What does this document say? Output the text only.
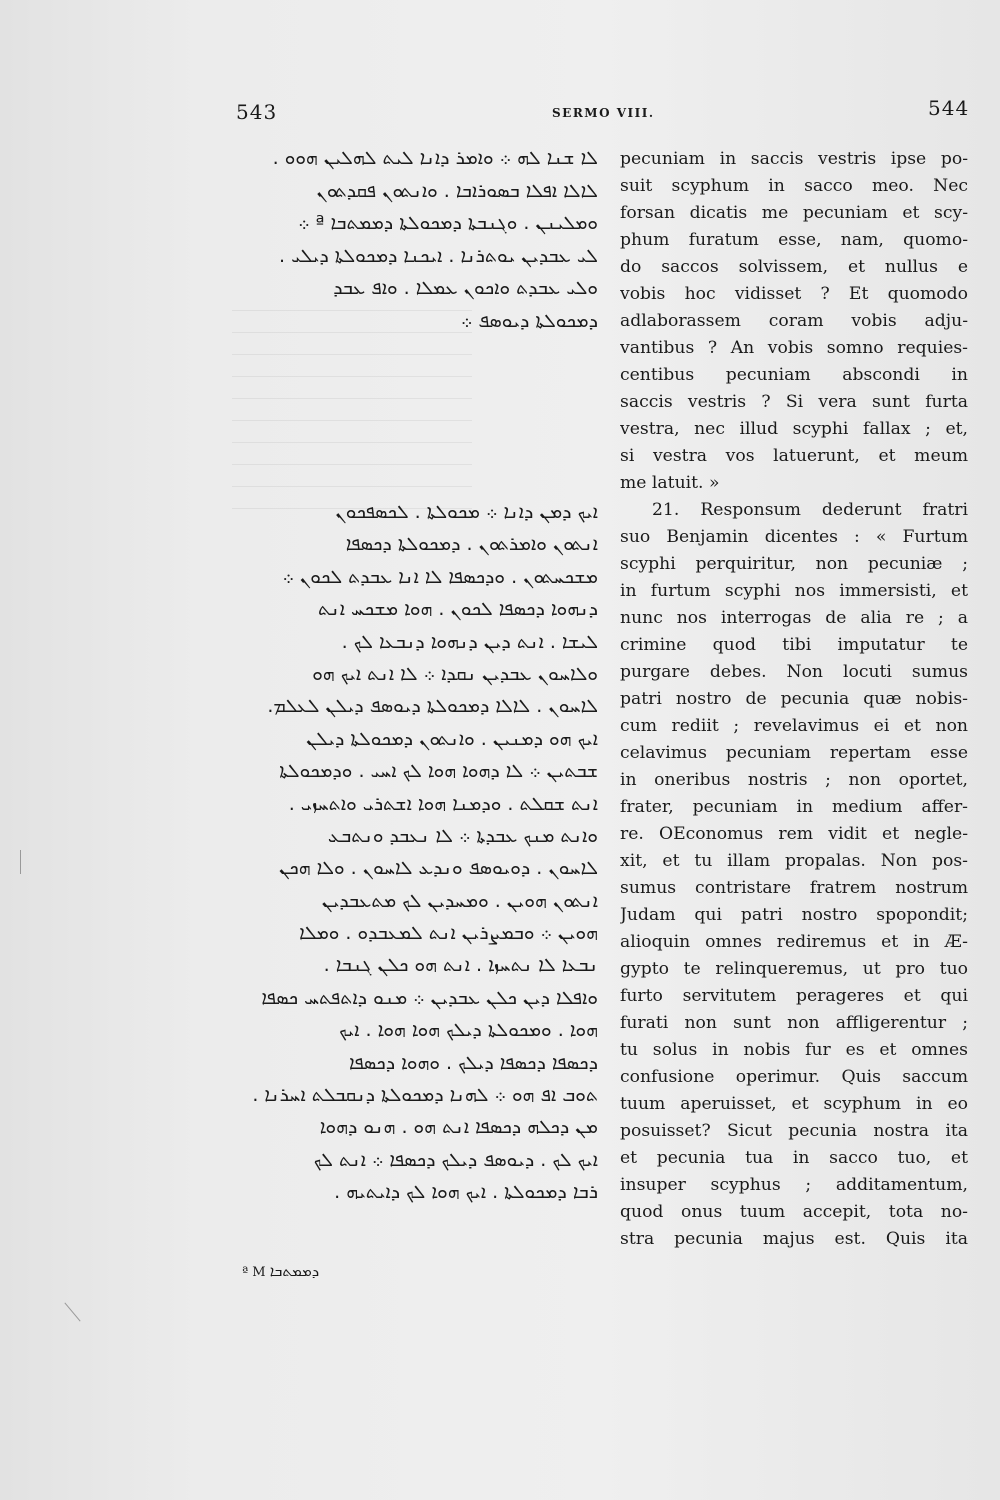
543	SERMO VIII.	544
ܠܐ ܫܢܐ ܠܗ ܀ ܘܐܡܪ ܕܐܢܐ ܠܝܬ ܠܗܠܝܢ ܗܘܘ .
ܠܐܠܐ ܐܦܠܐ ܒܣܘܪܐܒܐ . ܘܐܢܬܘܢ ܦܩܕܬܘܢ
ܘܡܠܝܢܢ . ܘܓܢܒܬܐ ܕܡܟܘܠܬܐ ܕܡܡܬܒܐ ª ܀
ܠܝ ܥܒܕܝܢ ܝܘܬܪܢܐ . ܐܝܟܢܐ ܕܡܟܘܠܬܐ ܕܝܠܝ .
ܘܠܝ ܥܒܕܬ ܘܐܟܘܢ ܥܡܠܐ . ܘܐܦ ܥܒܕ
ܕܡܟܘܠܬܐ ܕܝܘܣܦ ܀
ܐܝܟ ܕܡܢ ܕܐܢܐ ܀ ܡܟܘܠܬܐ . ܠܟܣܦܟܘܢ
ܐܢܬܘܢ ܘܐܡܪܬܘܢ . ܕܡܟܘܠܬܐ ܕܟܣܦܐ
ܡܫܟܚܬܘܢ . ܘܕܟܣܦܐ ܠܐ ܐܢܐ ܥܒܕܬ ܠܟܘܢ ܀
ܕܢܗܘܐ ܕܟܣܦܐ ܠܟܘܢ . ܗܘܐ ܡܫܟܚ ܐܢܬ
ܠܝܫܐ . ܐܢܬ ܕܝܢ ܕܢܗܘܐ ܕܢܒܥܐ ܠܟ .
ܘܠܐܚܘܢ ܥܒܕܝܢ ܢܩܕܐ ܀ ܠܐ ܐܢܬ ܐܝܟ ܗܘ
ܠܐܚܘܢ . ܠܐܠܐ ܕܡܟܘܠܬܐ ܕܝܘܣܦ ܕܝܠܢ ܠܥܠܡ.
ܐܝܟ ܗܘ ܕܡܢܝܢ . ܘܐܢܬܘܢ ܕܡܟܘܠܬܐ ܕܝܠܢ
ܫܒܬܝܢ ܀ ܠܐ ܕܗܘܐ ܗܘܐ ܠܟ ܐܚܝ . ܘܕܡܟܘܠܬܐ
ܐܢܬ ܫܩܠܬ . ܘܕܡܢܐ ܗܘܐ ܐܫܬܪܝ ܘܐܬܚܙܝ .
ܘܐܢܬ ܡܢܟ ܥܒܕܬܐ ܀ ܠܐ ܢܥܒܕ ܘܢܬܒܥ
ܠܐܚܘܢ . ܕܘܝܘܣܦ ܘܢܕܥ ܠܐܚܘܢ . ܘܠܐ ܗܟܢ
ܐܢܬܘܢ ܗܘܝܢ . ܘܡܚܕܝܢ ܠܟ ܡܬܥܒܕܝܢ
ܗܘܝܢ ܀ ܘܒܡܨܪܝܢ ܐܢܬ ܠܡܥܒܕܘ . ܘܡܠܐ
ܢܒܥܐ ܠܐ ܢܬܚܙܐ . ܐܢܬ ܗܘ ܟܠܢ ܓܢܒܐ .
ܘܐܦܠܐ ܕܝܢ ܟܠܢ ܥܒܕܝܢ ܀ ܡܢܘ ܕܐܬܦܬܚ ܟܣܦܐ
ܗܘܐ . ܘܡܟܘܠܬܐ ܕܝܠܟ ܗܘܐ ܗܘܐ . ܐܝܟ
ܕܟܣܦܐ ܕܟܣܦܐ ܕܝܠܟ . ܘܗܘܐ ܕܟܣܦܐ
ܬܘܒ ܐܦ ܗܘ ܀ ܠܗܢܐ ܕܡܟܘܠܬܐ ܕܢܩܒܠܬ ܐܚܪܢܐ .
ܡܢ ܕܟܠܗ ܕܟܣܦܐ ܐܢܬ ܗܘ . ܗܢܘ ܕܗܘܐ
ܐܝܟ ܠܟ . ܕܝܘܣܦ ܕܝܠܟ ܕܟܣܦܐ ܀ ܐܢܬ ܠܟ
ܪܒܐ ܕܡܟܘܠܬܐ . ܐܝܟ ܗܘܐ ܠܟ ܕܐܝܬܝܗ .
ª M ܕܡܡܬܒܐ
pecuniam in saccis vestris ipse po-
suit scyphum in sacco meo. Nec
forsan dicatis me pecuniam et scy-
phum furatum esse, nam, quomo-
do saccos solvissem, et nullus e
vobis hoc vidisset ? Et quomodo
adlaborassem coram vobis adju-
vantibus ? An vobis somno requies-
centibus pecuniam abscondi in
saccis vestris ? Si vera sunt furta
vestra, nec illud scyphi fallax ; et,
si vestra vos latuerunt, et meum
me latuit. »
21. Responsum dederunt fratri
suo Benjamin dicentes : « Furtum
scyphi perquiritur, non pecuniæ ;
in furtum scyphi nos immersisti, et
nunc nos interrogas de alia re ; a
crimine quod tibi imputatur te
purgare debes. Non locuti sumus
patri nostro de pecunia quæ nobis-
cum rediit ; revelavimus ei et non
celavimus pecuniam repertam esse
in oneribus nostris ; non oportet,
frater, pecuniam in medium affer-
re. OEconomus rem vidit et negle-
xit, et tu illam propalas. Non pos-
sumus contristare fratrem nostrum
Judam qui patri nostro spopondit;
alioquin omnes rediremus et in Æ-
gypto te relinqueremus, ut pro tuo
furto servitutem perageres et qui
furati non sunt non affligerentur ;
tu solus in nobis fur es et omnes
confusione operimur. Quis saccum
tuum aperuisset, et scyphum in eo
posuisset? Sicut pecunia nostra ita
et pecunia tua in sacco tuo, et
insuper scyphus ; additamentum,
quod onus tuum accepit, tota no-
stra pecunia majus est. Quis ita
